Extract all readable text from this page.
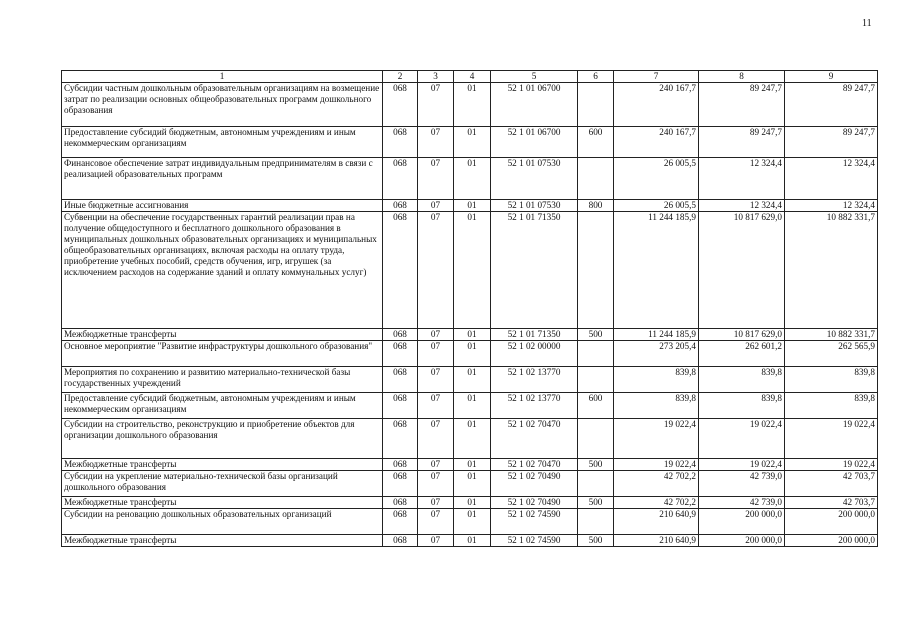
11
1	2	3	4	5	6	7	8	9
Субсидии частным дошкольным образовательным организациям на возмещение затрат по реализации основных общеобразовательных программ дошкольного образования	068	07	01	52 1 01 06700		240 167,7	89 247,7	89 247,7
Предоставление субсидий бюджетным, автономным учреждениям и иным некоммерческим организациям	068	07	01	52 1 01 06700	600	240 167,7	89 247,7	89 247,7
Финансовое обеспечение затрат индивидуальным предпринимателям в связи с реализацией образовательных программ	068	07	01	52 1 01 07530		26 005,5	12 324,4	12 324,4
Иные бюджетные ассигнования	068	07	01	52 1 01 07530	800	26 005,5	12 324,4	12 324,4
Субвенции на обеспечение государственных гарантий реализации прав на получение общедоступного и бесплатного дошкольного образования в муниципальных дошкольных образовательных организациях и муниципальных общеобразовательных организациях, включая расходы на оплату труда, приобретение учебных пособий, средств обучения, игр, игрушек (за исключением расходов на содержание зданий и оплату коммунальных услуг)	068	07	01	52 1 01 71350		11 244 185,9	10 817 629,0	10 882 331,7
Межбюджетные трансферты	068	07	01	52 1 01 71350	500	11 244 185,9	10 817 629,0	10 882 331,7
Основное мероприятие "Развитие инфраструктуры дошкольного образования"	068	07	01	52 1 02 00000		273 205,4	262 601,2	262 565,9
Мероприятия по сохранению и развитию материально-технической базы государственных учреждений	068	07	01	52 1 02 13770		839,8	839,8	839,8
Предоставление субсидий бюджетным, автономным учреждениям и иным некоммерческим организациям	068	07	01	52 1 02 13770	600	839,8	839,8	839,8
Субсидии на строительство, реконструкцию и приобретение объектов для организации дошкольного образования	068	07	01	52 1 02 70470		19 022,4	19 022,4	19 022,4
Межбюджетные трансферты	068	07	01	52 1 02 70470	500	19 022,4	19 022,4	19 022,4
Субсидии на укрепление материально-технической базы организаций дошкольного образования	068	07	01	52 1 02 70490		42 702,2	42 739,0	42 703,7
Межбюджетные трансферты	068	07	01	52 1 02 70490	500	42 702,2	42 739,0	42 703,7
Субсидии на реновацию дошкольных образовательных организаций	068	07	01	52 1 02 74590		210 640,9	200 000,0	200 000,0
Межбюджетные трансферты	068	07	01	52 1 02 74590	500	210 640,9	200 000,0	200 000,0
